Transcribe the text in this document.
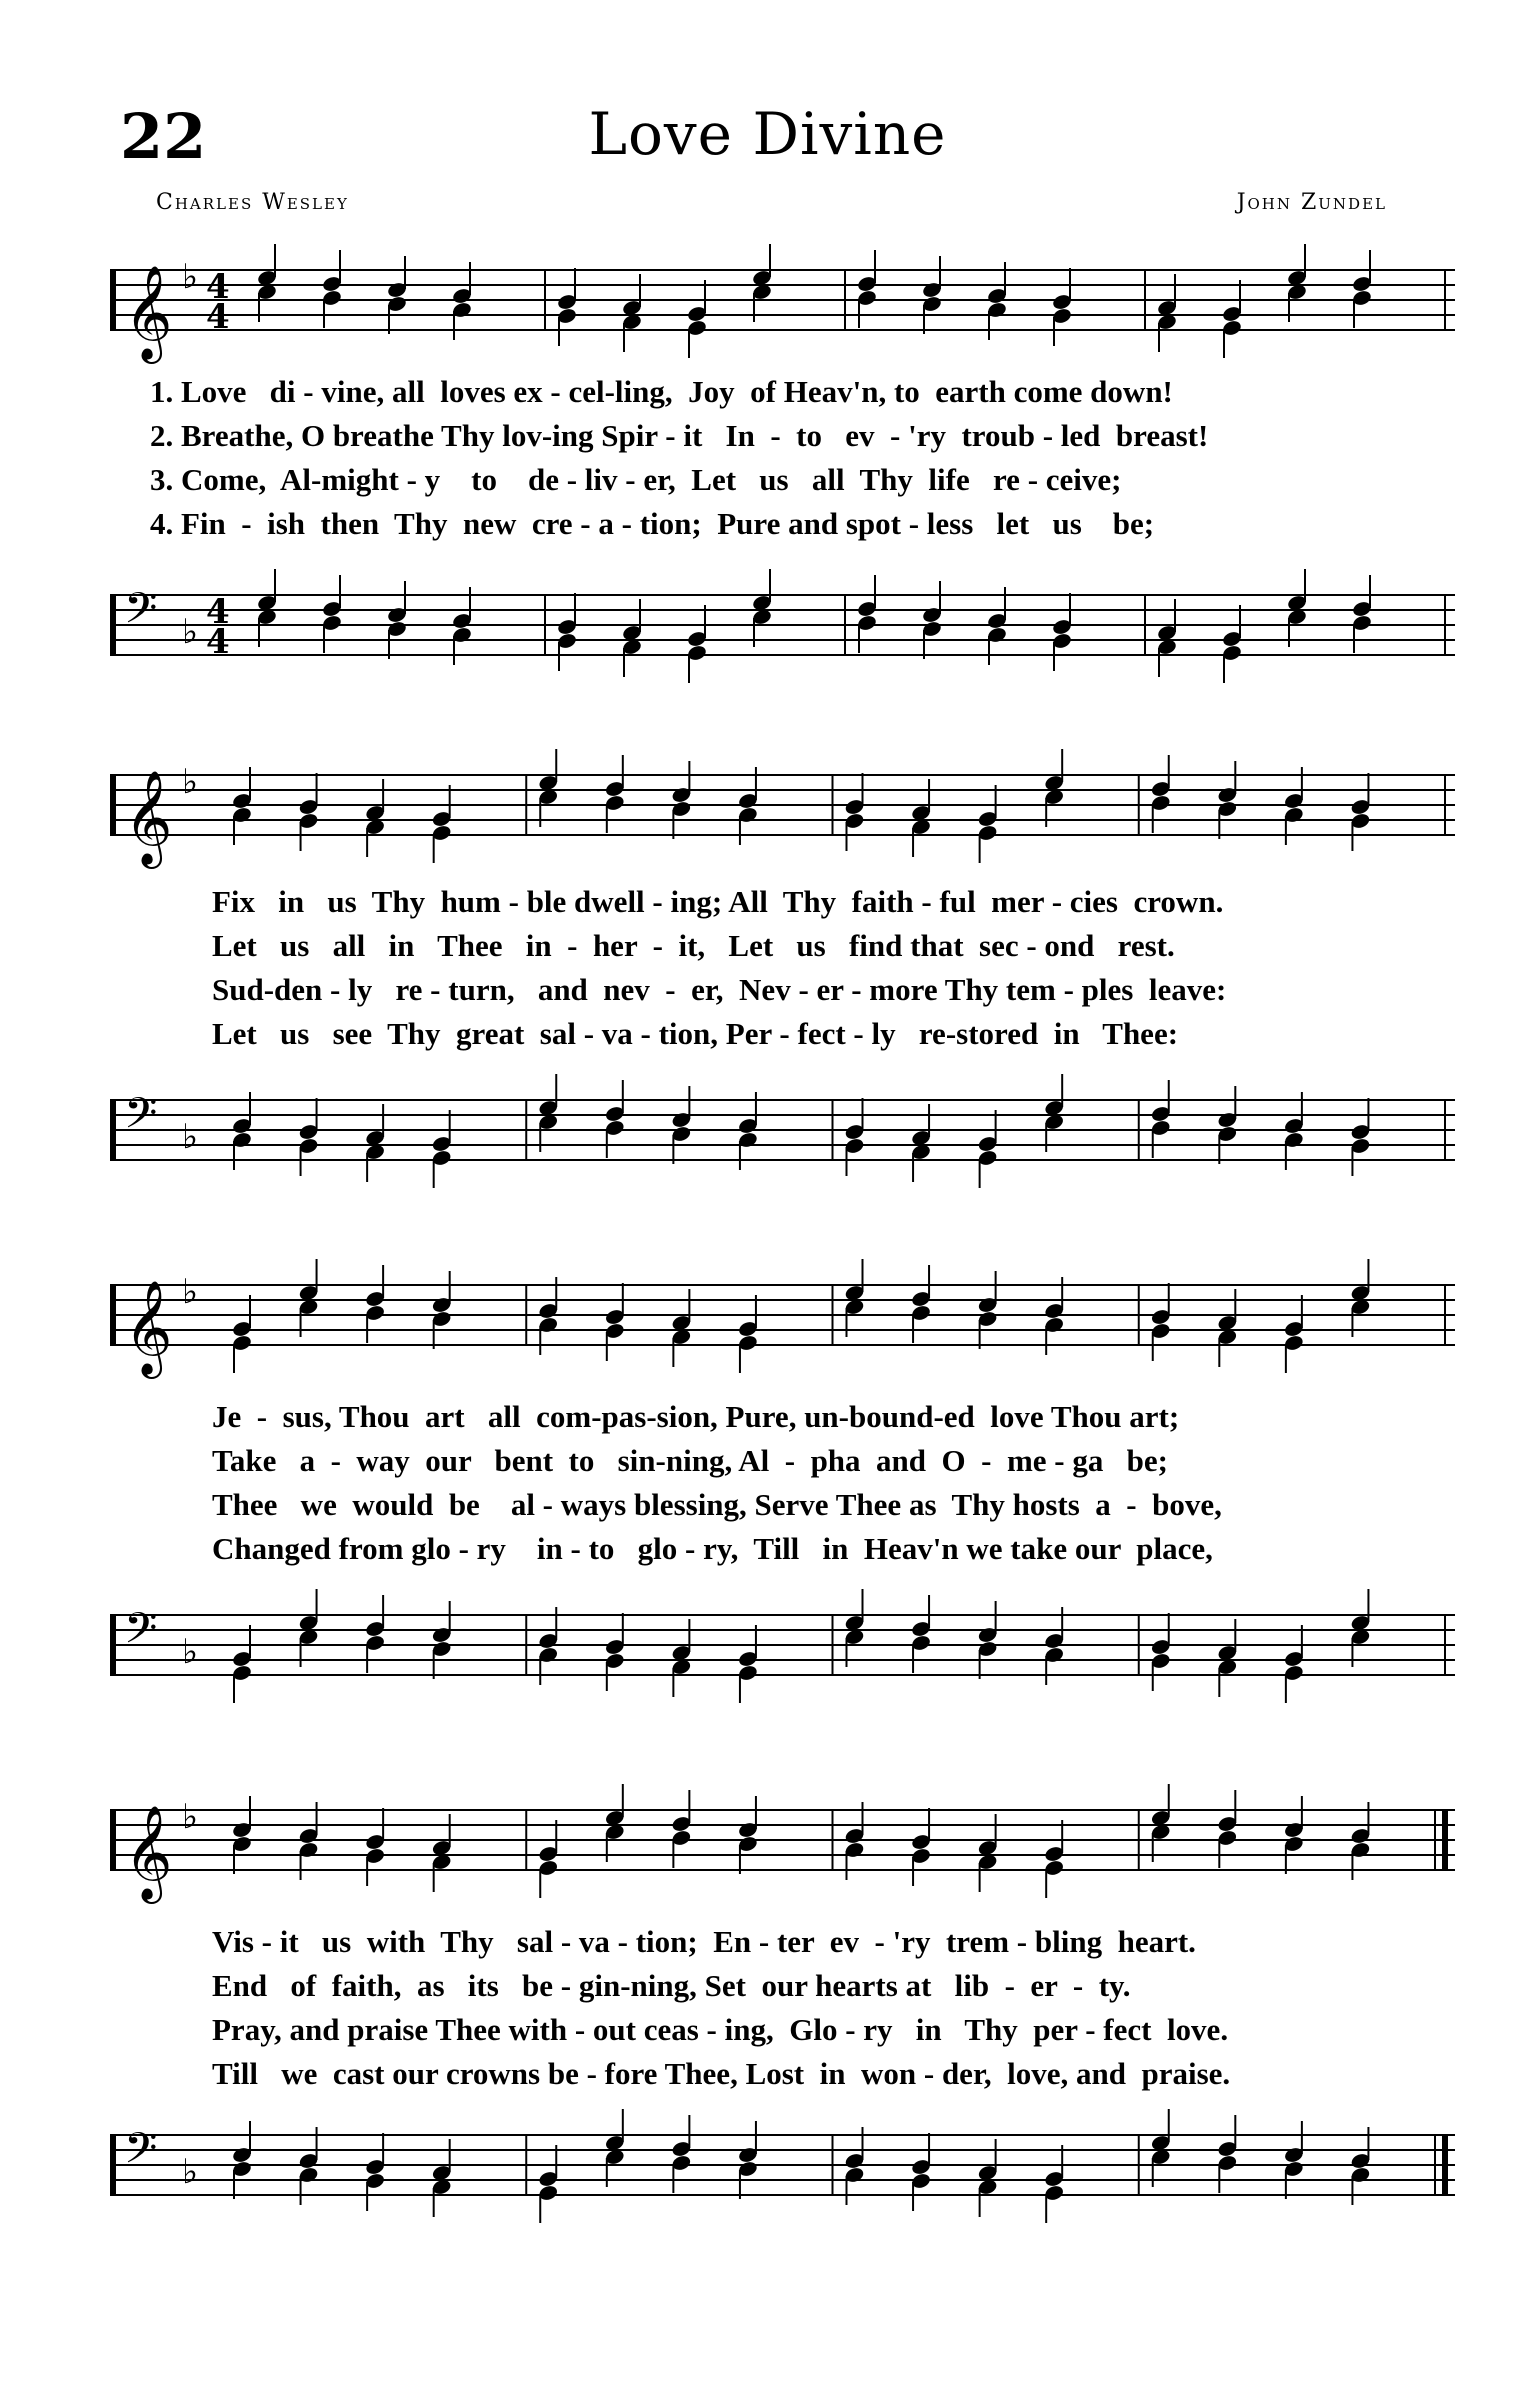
22	Love Divine
Charles Wesley	John Zundel
𝄞 ♭ 4
4
1. Love   di - vine, all  loves ex - cel-ling,  Joy  of Heav'n, to  earth come down!
2. Breathe, O breathe Thy lov-ing Spir - it   In  -  to   ev  - 'ry  troub - led  breast!
3. Come,  Al-might - y    to    de - liv - er,  Let   us   all  Thy  life   re - ceive;
4. Fin  -  ish  then  Thy  new  cre - a - tion;  Pure and spot - less   let   us    be;
𝄢 ♭ 4
4
𝄞 ♭
Fix   in   us  Thy  hum - ble dwell - ing; All  Thy  faith - ful  mer - cies  crown.
Let   us   all   in   Thee   in  -  her  -  it,   Let   us   find that  sec - ond   rest.
Sud-den - ly   re - turn,   and  nev  -  er,  Nev - er - more Thy tem - ples  leave:
Let   us   see  Thy  great  sal - va - tion, Per - fect - ly   re-stored  in   Thee:
𝄢 ♭
𝄞 ♭
Je  -  sus, Thou  art   all  com-pas-sion, Pure, un-bound-ed  love Thou art;
Take   a  -  way  our   bent  to   sin-ning, Al  -  pha  and  O  -  me - ga   be;
Thee   we  would  be    al - ways blessing, Serve Thee as  Thy hosts  a  -  bove,
Changed from glo - ry    in - to   glo - ry,  Till   in  Heav'n we take our  place,
𝄢 ♭
𝄞 ♭
Vis - it   us  with  Thy   sal - va - tion;  En - ter  ev  - 'ry  trem - bling  heart.
End   of  faith,  as   its   be - gin-ning, Set  our hearts at   lib  -  er  -  ty.
Pray, and praise Thee with - out ceas - ing,  Glo - ry   in   Thy  per - fect  love.
Till   we  cast our crowns be - fore Thee, Lost  in  won - der,  love, and  praise.
𝄢 ♭
